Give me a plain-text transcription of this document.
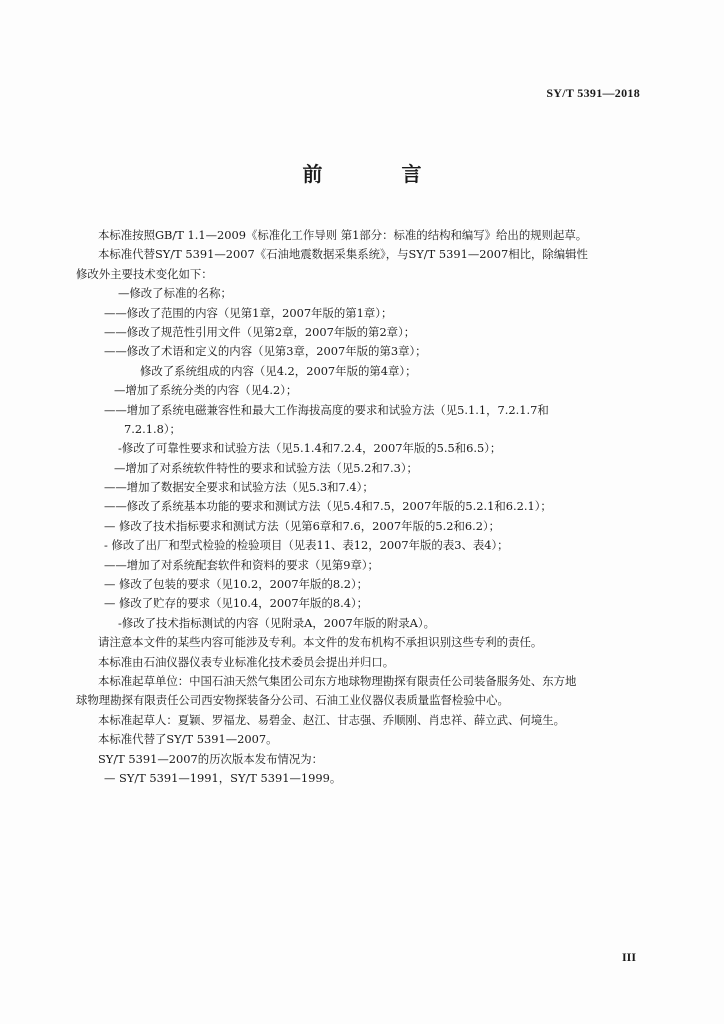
SY/T 5391—2018
前 言
本标准按照GB/T 1.1—2009《标准化工作导则 第1部分：标准的结构和编写》给出的规则起草。
本标准代替SY/T 5391—2007《石油地震数据采集系统》，与SY/T 5391—2007相比，除编辑性
修改外主要技术变化如下：
—修改了标准的名称；
——修改了范围的内容（见第1章，2007年版的第1章）；
——修改了规范性引用文件（见第2章，2007年版的第2章）；
——修改了术语和定义的内容（见第3章，2007年版的第3章）；
修改了系统组成的内容（见4.2，2007年版的第4章）；
—增加了系统分类的内容（见4.2）；
——增加了系统电磁兼容性和最大工作海拔高度的要求和试验方法（见5.1.1，7.2.1.7和
7.2.1.8）；
-修改了可靠性要求和试验方法（见5.1.4和7.2.4，2007年版的5.5和6.5）；
—增加了对系统软件特性的要求和试验方法（见5.2和7.3）；
——增加了数据安全要求和试验方法（见5.3和7.4）；
——修改了系统基本功能的要求和测试方法（见5.4和7.5，2007年版的5.2.1和6.2.1）；
— 修改了技术指标要求和测试方法（见第6章和7.6，2007年版的5.2和6.2）；
- 修改了出厂和型式检验的检验项目（见表11、表12，2007年版的表3、表4）；
——增加了对系统配套软件和资料的要求（见第9章）；
— 修改了包装的要求（见10.2，2007年版的8.2）；
— 修改了贮存的要求（见10.4，2007年版的8.4）；
-修改了技术指标测试的内容（见附录A，2007年版的附录A）。
请注意本文件的某些内容可能涉及专利。本文件的发布机构不承担识别这些专利的责任。
本标准由石油仪器仪表专业标准化技术委员会提出并归口。
本标准起草单位：中国石油天然气集团公司东方地球物理勘探有限责任公司装备服务处、东方地
球物理勘探有限责任公司西安物探装备分公司、石油工业仪器仪表质量监督检验中心。
本标准起草人：夏颖、罗福龙、易碧金、赵江、甘志强、乔顺刚、肖忠祥、薛立武、何境生。
本标准代替了SY/T 5391—2007。
SY/T 5391—2007的历次版本发布情况为：
— SY/T 5391—1991，SY/T 5391—1999。
III
